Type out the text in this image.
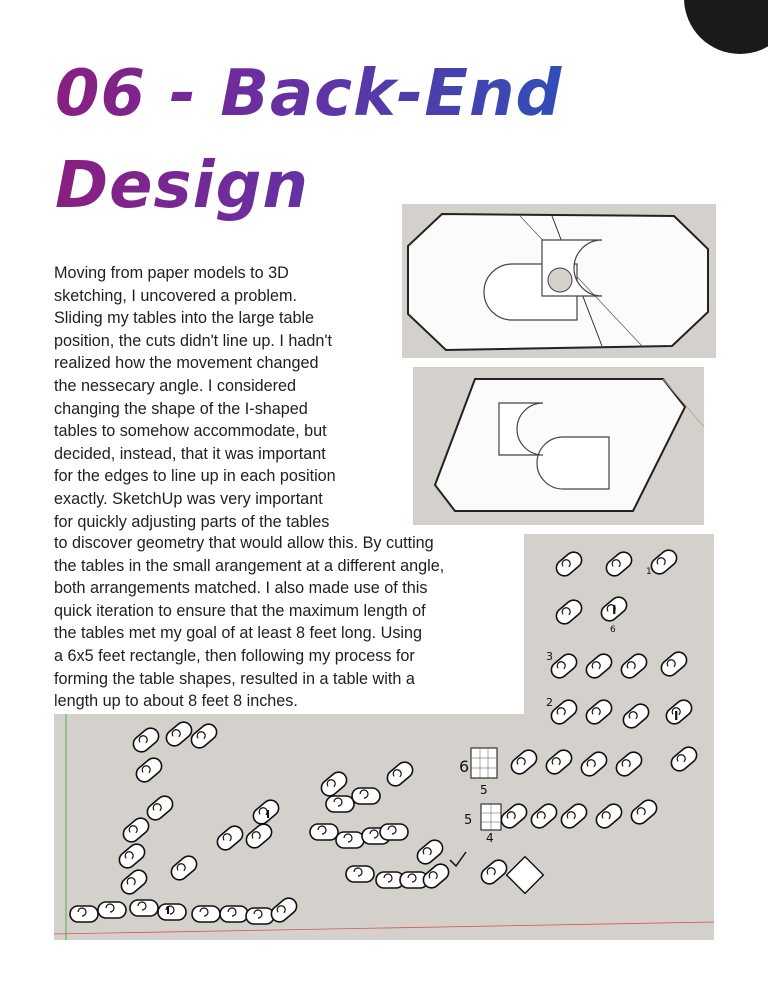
06 - Back-End
Design
6
5
5
4
3
2
I
6
1
I
I
I
Moving from paper models to 3D
sketching, I uncovered a problem.
Sliding my tables into the large table
position, the cuts didn't line up. I hadn't
realized how the movement changed
the nessecary angle. I considered
changing the shape of the I-shaped
tables to somehow accommodate, but
decided, instead, that it was important
for the edges to line up in each position
exactly. SketchUp was very important
for quickly adjusting parts of the tables
to discover geometry that would allow this. By cutting
the tables in the small arangement at a different angle,
both arrangements matched. I also made use of this
quick iteration to ensure that the maximum length of
the tables met my goal of at least 8 feet long. Using
a 6x5 feet rectangle, then following my process for
forming the table shapes, resulted in a table with a
length up to about 8 feet 8 inches.
